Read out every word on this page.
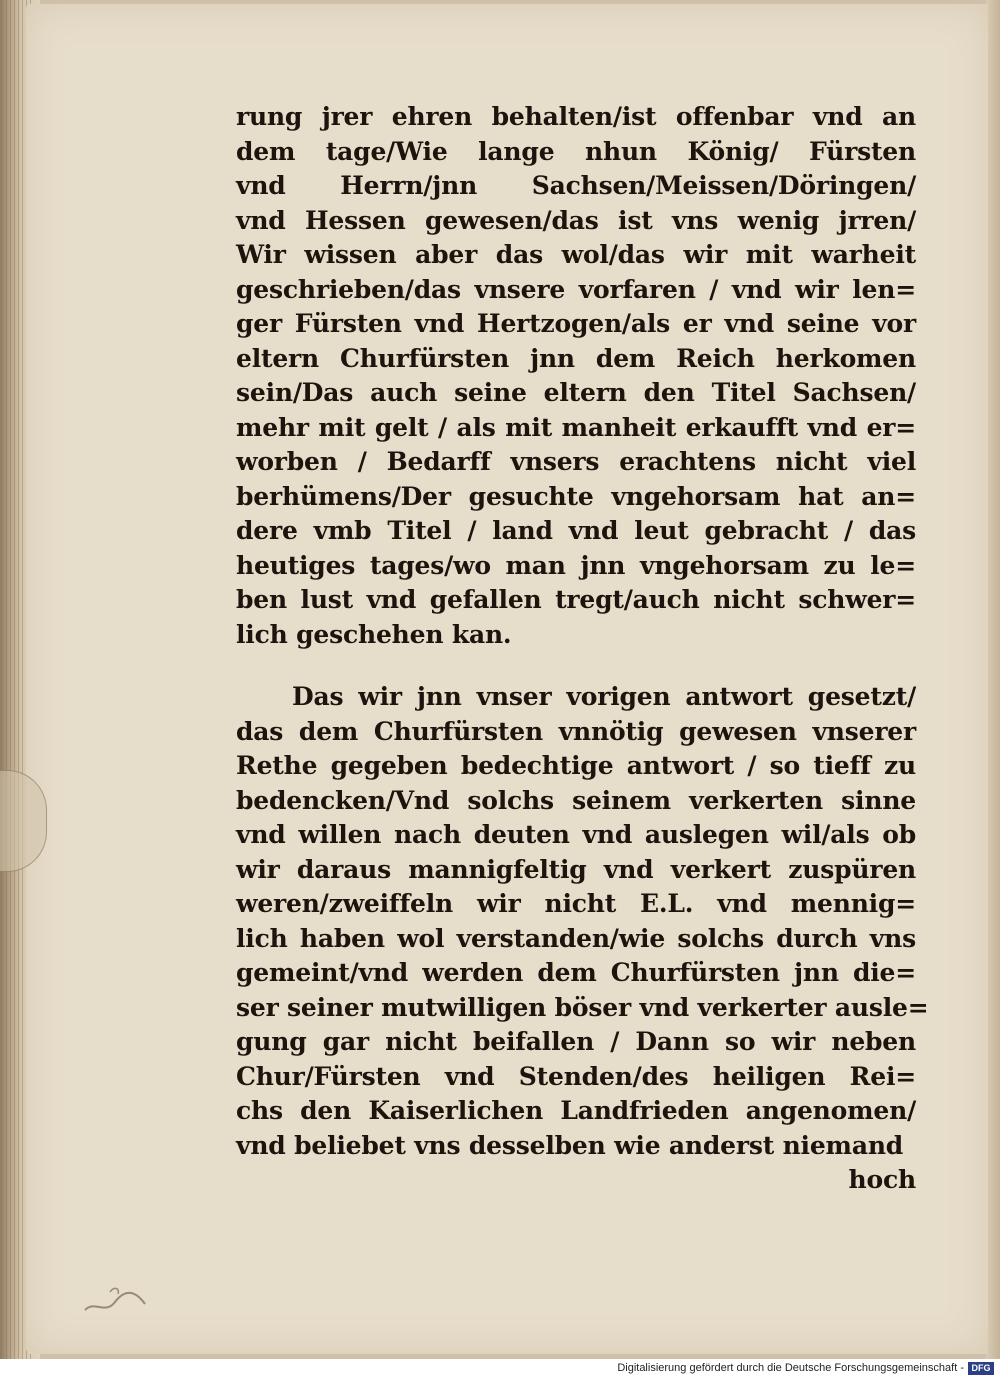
rung jrer ehren behalten/ist offenbar vnd an
dem tage/Wie lange nhun König/ Fürsten
vnd Herrn/jnn Sachsen/Meissen/Döringen/
vnd Hessen gewesen/das ist vns wenig jrren/
Wir wissen aber das wol/das wir mit warheit
geschrieben/das vnsere vorfaren / vnd wir len=
ger Fürsten vnd Hertzogen/als er vnd seine vor
eltern Churfürsten jnn dem Reich herkomen
sein/Das auch seine eltern den Titel Sachsen/
mehr mit gelt / als mit manheit erkaufft vnd er=
worben / Bedarff vnsers erachtens nicht viel
berhümens/Der gesuchte vngehorsam hat an=
dere vmb Titel / land vnd leut gebracht / das
heutiges tages/wo man jnn vngehorsam zu le=
ben lust vnd gefallen tregt/auch nicht schwer=
lich geschehen kan.
Das wir jnn vnser vorigen antwort gesetzt/
das dem Churfürsten vnnötig gewesen vnserer
Rethe gegeben bedechtige antwort / so tieff zu
bedencken/Vnd solchs seinem verkerten sinne
vnd willen nach deuten vnd auslegen wil/als ob
wir daraus mannigfeltig vnd verkert zuspüren
weren/zweiffeln wir nicht E.L. vnd mennig=
lich haben wol verstanden/wie solchs durch vns
gemeint/vnd werden dem Churfürsten jnn die=
ser seiner mutwilligen böser vnd verkerter ausle=
gung gar nicht beifallen / Dann so wir neben
Chur/Fürsten vnd Stenden/des heiligen Rei=
chs den Kaiserlichen Landfrieden angenomen/
vnd beliebet vns desselben wie anderst niemand
hoch
Digitalisierung gefördert durch die Deutsche Forschungsgemeinschaft - DFG
